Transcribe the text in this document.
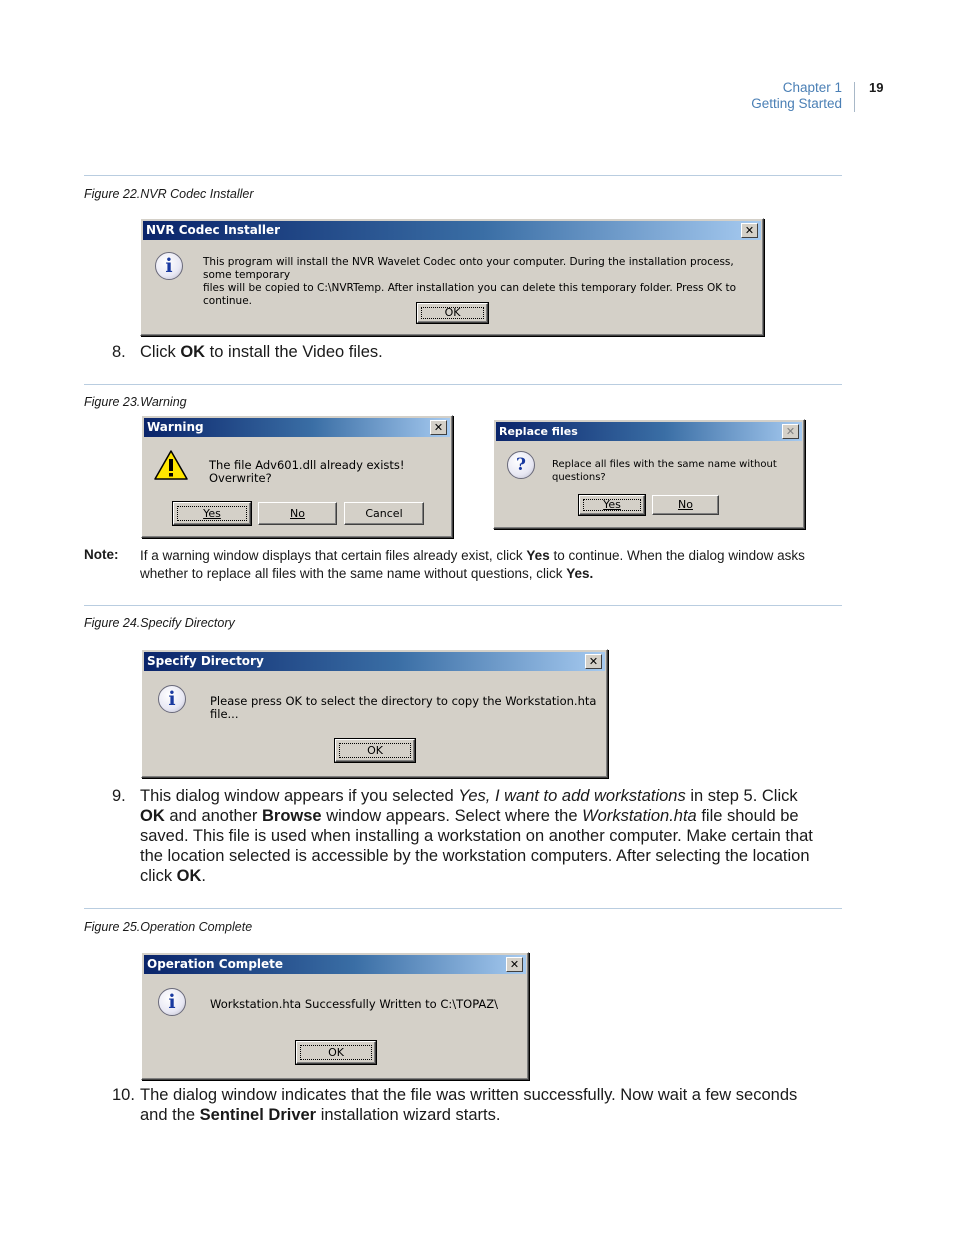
Chapter 1
Getting Started
19
Figure 22.NVR Codec Installer
NVR Codec Installer	✕
i	This program will install the NVR Wavelet Codec onto your computer. During the installation process, some temporary
files will be copied to C:\NVRTemp. After installation you can delete this temporary folder. Press OK to continue.
OK
8. Click OK to install the Video files.
Figure 23.Warning
Warning	✕
The file Adv601.dll already exists! Overwrite?
Yes	No	Cancel
Replace files	✕
?	Replace all files with the same name without questions?
Yes	No
Note: If a warning window displays that certain files already exist, click Yes to continue. When the dialog window asks
whether to replace all files with the same name without questions, click Yes.
Figure 24.Specify Directory
Specify Directory	✕
i	Please press OK to select the directory to copy the Workstation.hta file...
OK
9. This dialog window appears if you selected Yes, I want to add workstations in step 5. Click
OK and another Browse window appears. Select where the Workstation.hta file should be
saved. This file is used when installing a workstation on another computer. Make certain that
the location selected is accessible by the workstation computers. After selecting the location
click OK.
Figure 25.Operation Complete
Operation Complete	✕
i	Workstation.hta Successfully Written to C:\TOPAZ\
OK
10. The dialog window indicates that the file was written successfully. Now wait a few seconds
and the Sentinel Driver installation wizard starts.
